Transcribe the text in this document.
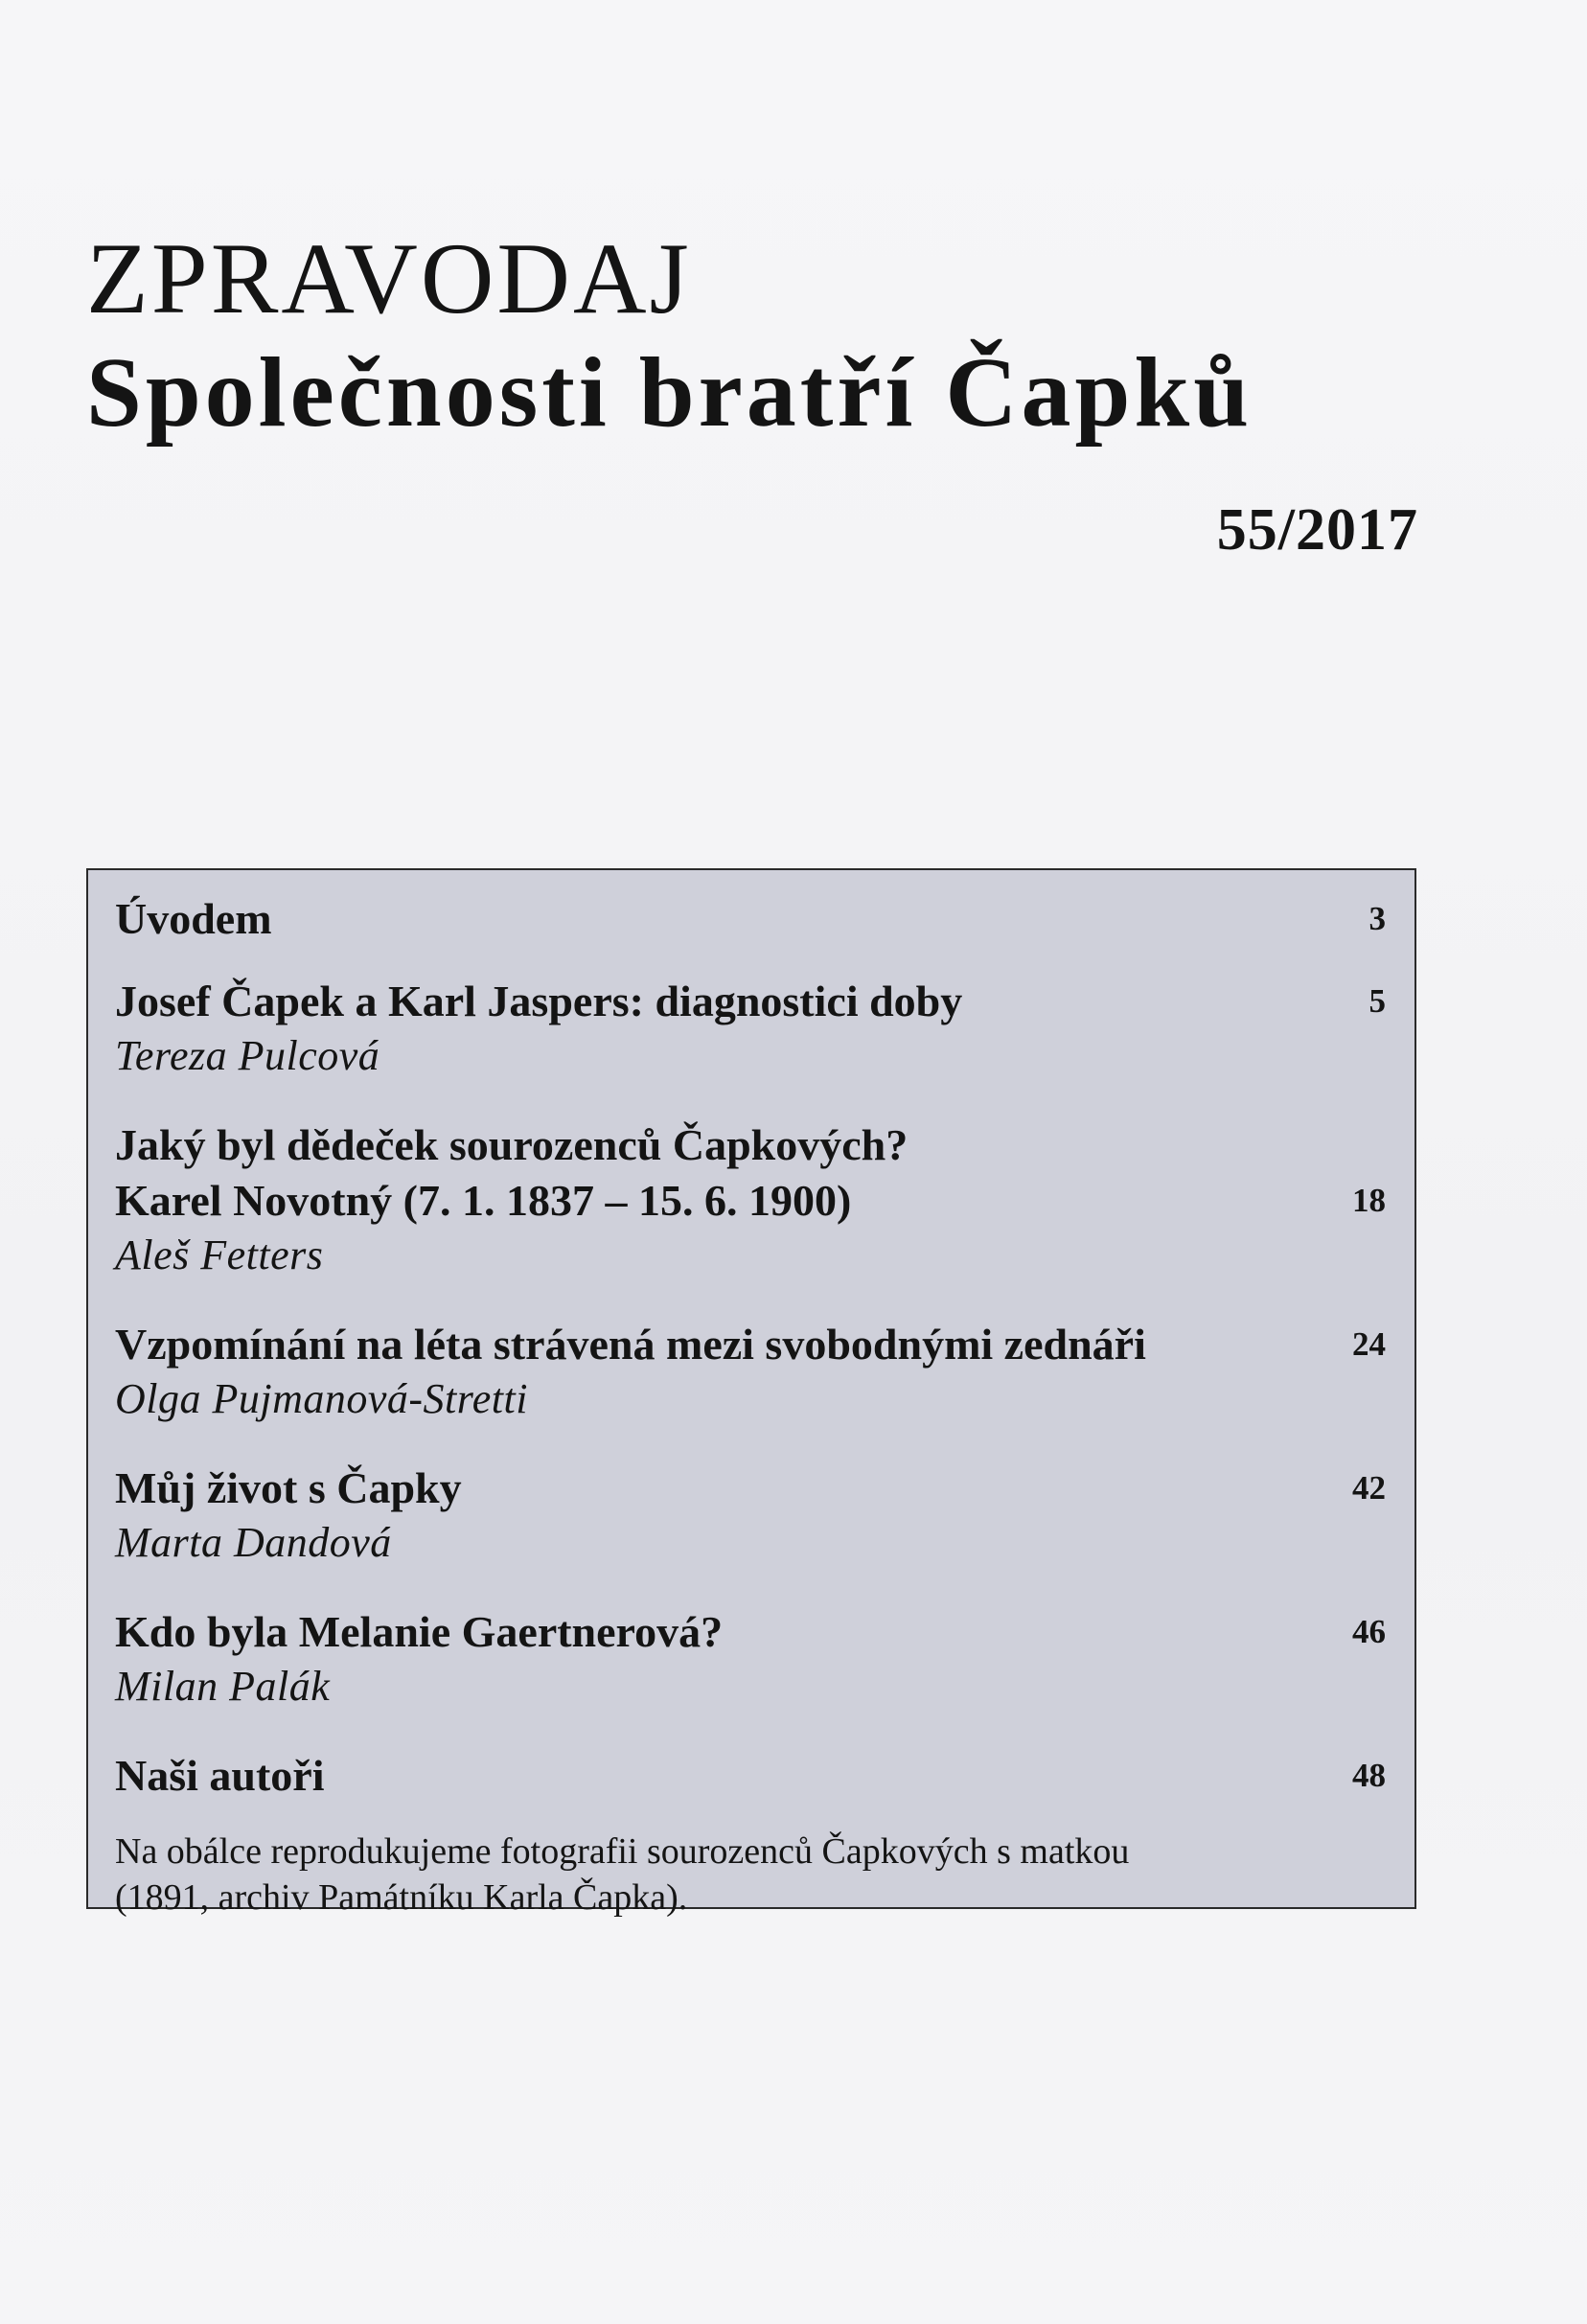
ZPRAVODAJ
Společnosti bratří Čapků
55/2017
Úvodem	3
Josef Čapek a Karl Jaspers: diagnostici doby	5
Tereza Pulcová
Jaký byl dědeček sourozenců Čapkových?
Karel Novotný (7. 1. 1837 – 15. 6. 1900)	18
Aleš Fetters
Vzpomínání na léta strávená mezi svobodnými zednáři	24
Olga Pujmanová-Stretti
Můj život s Čapky	42
Marta Dandová
Kdo byla Melanie Gaertnerová?	46
Milan Palák
Naši autoři	48
Na obálce reprodukujeme fotografii sourozenců Čapkových s matkou
(1891, archiv Památníku Karla Čapka).
